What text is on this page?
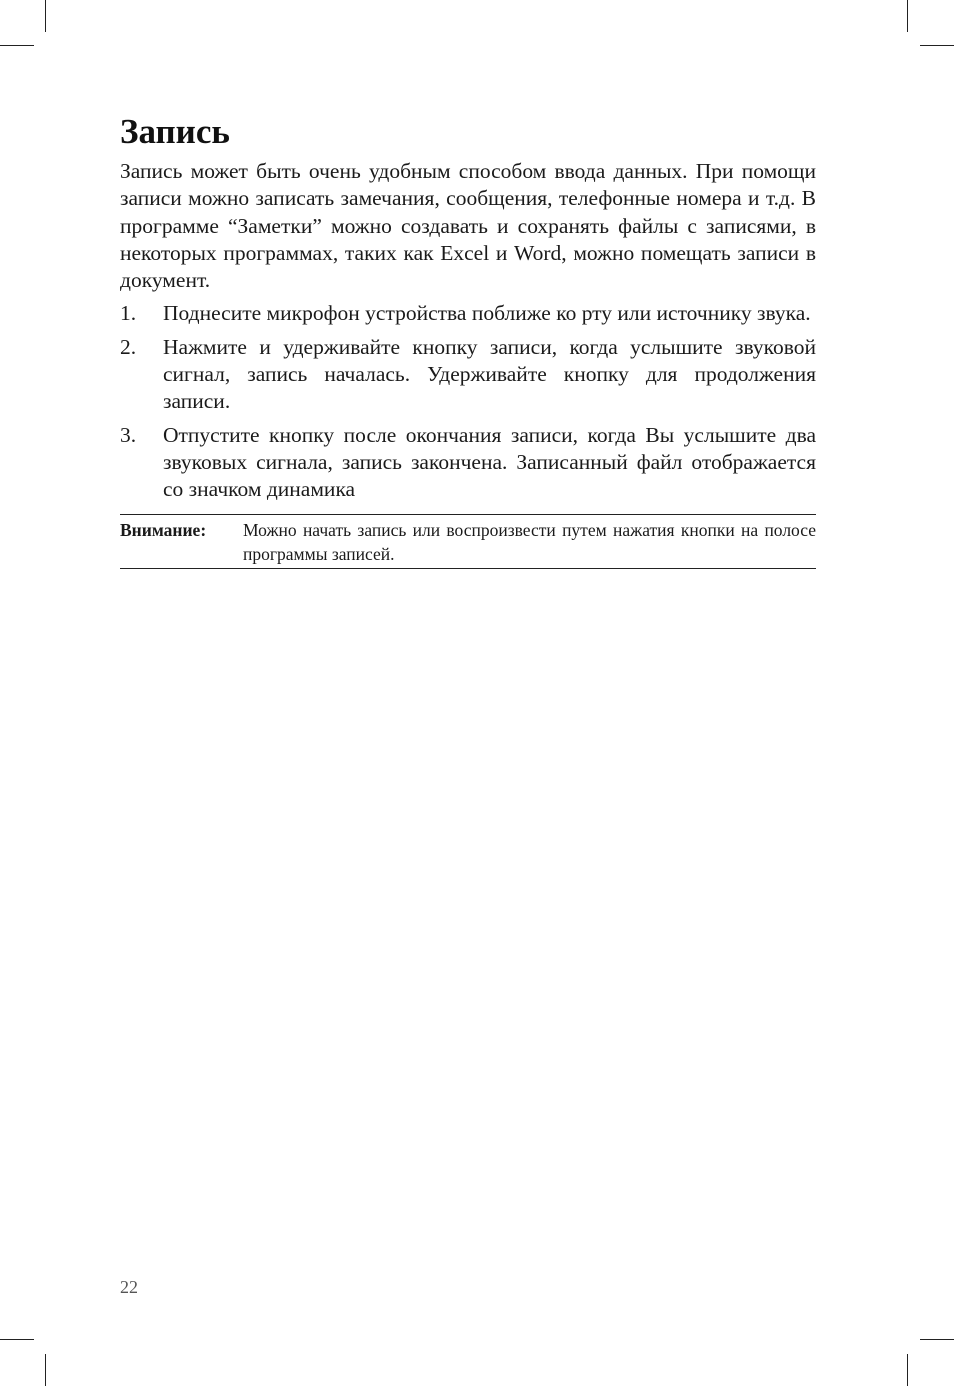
Запись

Запись может быть очень удобным способом ввода данных. При помощи записи можно записать замечания, сообщения, телефонные номера и т.д. В программе “Заметки” можно создавать и сохранять файлы с записями, в некоторых программах, таких как Excel и Word, можно помещать записи в документ.

1. Поднесите микрофон устройства поближе ко рту или источнику звука.
2. Нажмите и удерживайте кнопку записи, когда услышите звуковой сигнал, запись началась. Удерживайте кнопку для продолжения записи.
3. Отпустите кнопку после окончания записи, когда Вы услышите два звуковых сигнала, запись закончена. Записанный файл отображается со значком динамика
Внимание:	Можно начать запись или воспроизвести путем нажатия кнопки на полосе программы записей.
22
